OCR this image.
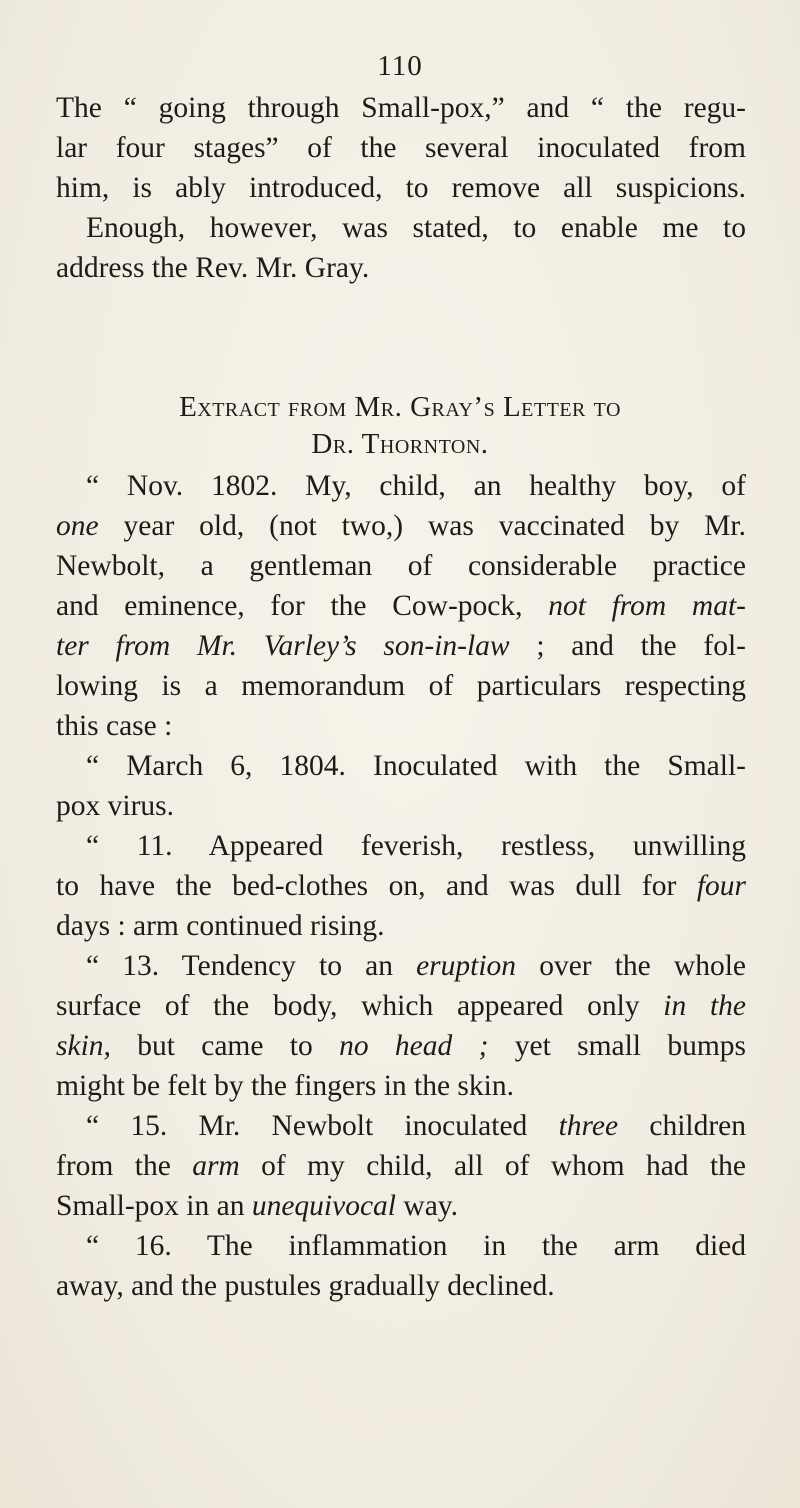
110
The “ going through Small-pox,” and “ the regu-
lar four stages” of the several inoculated from
him, is ably introduced, to remove all suspicions.
Enough, however, was stated, to enable me to
address the Rev. Mr. Gray.
Extract from Mr. Gray’s Letter to
Dr. Thornton.
“ Nov. 1802. My, child, an healthy boy, of
one year old, (not two,) was vaccinated by Mr.
Newbolt, a gentleman of considerable practice
and eminence, for the Cow-pock, not from mat-
ter from Mr. Varley’s son-in-law ; and the fol-
lowing is a memorandum of particulars respecting
this case :
“ March 6, 1804. Inoculated with the Small-
pox virus.
“ 11. Appeared feverish, restless, unwilling
to have the bed-clothes on, and was dull for four
days : arm continued rising.
“ 13. Tendency to an eruption over the whole
surface of the body, which appeared only in the
skin, but came to no head ; yet small bumps
might be felt by the fingers in the skin.
“ 15. Mr. Newbolt inoculated three children
from the arm of my child, all of whom had the
Small-pox in an unequivocal way.
“ 16. The inflammation in the arm died
away, and the pustules gradually declined.
